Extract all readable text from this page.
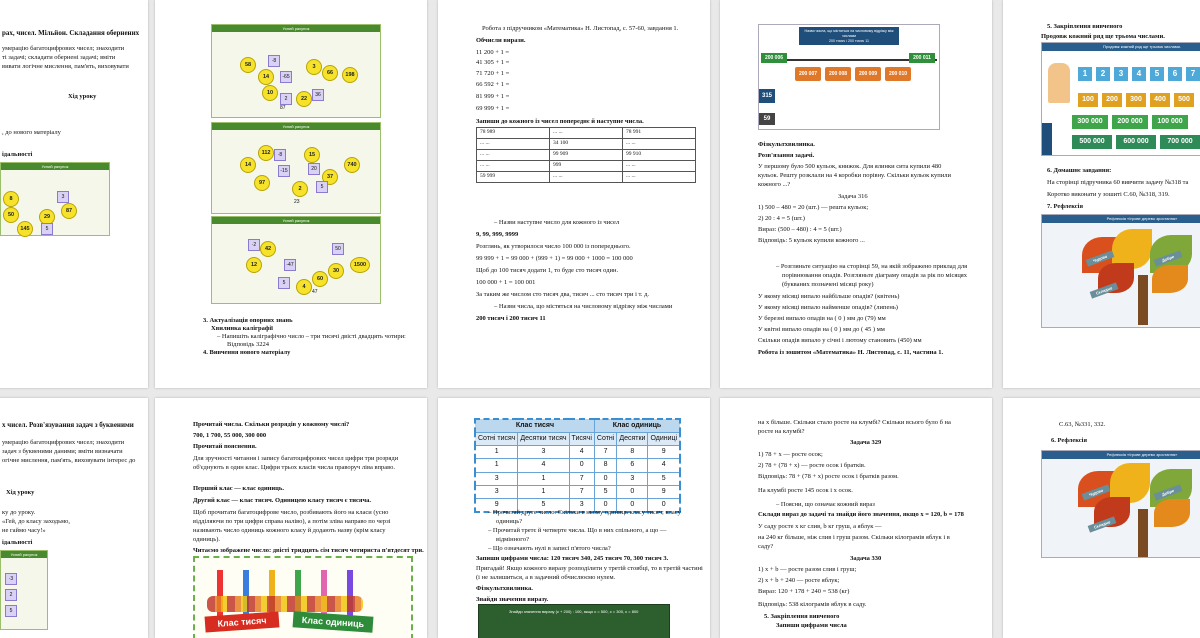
рах, чисел. Мільйон. Складання обернених
умерацію багатоцифрових чисел; знаходити
ті задачі; складати обернені задачі; вміти
вивати логічне мислення, пам'ять, виховувати
Хід уроку
, до нового матеріалу
ідальності
Усний рахунок
8
50	29
87
145
3
5
Усний рахунок
58
14
10
66	198
2	22
36
·8
-65
3
87
Усний рахунок
14
112
97
37
740
·8
-15	20
5
15
2
23
Усний рахунок
12
42
30
1500
-47
·2
5
50
4
60
47
3. Актуалізація опорних знань
Хвилинка каліграфії
– Напишіть каліграфічно число – три тисячі двісті двадцять чотири:
Відповідь 3224
4. Вивчення нового матеріалу
Робота з підручником «Математика» Н. Листопад, с. 57-60, завдання 1.
Обчисли вирази.
11 200 + 1 =
41 305 + 1 =
71 720 + 1 =
66 592 + 1 =
81 999 + 1 =
69 999 + 1 =
Запиши до кожного із чисел попереднє й наступне числа.
78 989	... ...	78 991
... ...	34 100	... ...
... ...	99 909	99 910
... ...	999	... ...
59 999	... ...	... ...
– Назви наступне число для кожного із чисел
9, 99, 999, 9999
Розглянь, як утворилося число 100 000 із попереднього.
99 999 + 1 = 99 000 + (999 + 1) = 99 000 + 1000 = 100 000
Щоб до 100 тисяч додати 1, то буде сто тисяч один.
100 000 + 1 = 100 001
За таким же числом сто тисяч два, тисяч ... сто тисяч три і т. д.
– Назви числа, що містяться на числовому відрізку між числами
200 тисяч і 200 тисяч 11
Назви числа, що містяться на числовому відрізку між числами
200 тисяч і 200 тисяч 11
200 006	200 011
200 007	200 008	200 009	200 010
315
59
Фізкультхвилинка.
Розв'язання задачі.
У першому було 500 кульок, книжок. Для ялинки сита купили 480
кульок. Решту розклали на 4 коробки порівну. Скільки кульок купили
кожного ...?
Задача 316
1) 500 – 480 = 20 (шт.) — решта кульок;
2) 20 : 4 = 5 (шт.)
Вираз: (500 – 480) : 4 = 5 (шт.)
Відповідь: 5 кульок купили кожного ...
– Розгляньте ситуацію на сторінці 59, на якій зображено приклад для
порівнювання опадів. Розгляньте діаграму опадів за рік по місяцях
(букваних позначені місяці року)
У якому місяці випало найбільше опадів? (квітень)
У якому місяці випало найменше опадів? (липень)
У березні випало опадів на ( 0 ) мм до (79) мм
У квітні випало опадів на ( 0 ) мм до ( 45 ) мм
Скільки опадів випало у січні і лютому становить (450) мм
Робота із зошитом «Математика» Н. Листопад, с. 11, частина 1.
5. Закріплення вивченого
Продовж кожний ряд ще трьома числами.
Продовж кожний ряд ще трьома числами.
1	2	3	4	5	6	7
100	200	300	400	500
300 000	200 000	100 000
500 000	600 000	700 000
6. Домашнє завдання:
На сторінці підручника 60 вивчити задачу №318 та
Коротко виконати у зошиті С.60, №318, 319.
7. Рефлексія
Рефлексія «Ігрове дерево зростання»
Чудово	Добре
Складно
х чисел. Розв'язування задач з буквеними
умерацію багатоцифрових чисел; знаходити
задач з буквеними даними; вміти визначати
огічне мислення, пам'ять, виховувати інтерес до
Хід уроку
ку до уроку.
«Гей, до класу заходьмо,
не гаймо часу!»
ідальності
Усний рахунок
·3
2
5
Прочитай числа. Скільки розрядів у кожному числі?
700, 1 700, 55 000, 300 000
Прочитай пояснення.
Для зручності читання і запису багатоцифрових чисел цифри три розряди
об'єднують в один клас. Цифри трьох класів числа праворуч ліва вправо.
Перший клас — клас одиниць.
Другий клас — клас тисяч. Одиницею класу тисяч є тисяча.
Щоб прочитати багатоцифрове число, розбивають його на класи (усно
відділяючи по три цифри справа наліво), а потім зліва направо по черзі
називають число одиниць кожного класу й додають назву (крім класу
одиниць).
Читаємо зображене число: двісті тридцять сім тисяч чотириста п'ятдесят три.
Клас тисяч	Клас одиниць
Клас тисяч			Клас одиниць		
Сотні тисяч	Десятки тисяч	Тисячі	Сотні	Десятки	Одиниці
1	3	4	7	8	9
1	4	0	8	6	4
3	1	7	0	3	5
3	1	7	5	0	9
9	5	3	0	0	0
– Прочитай друге число. Скільки в ньому одиниць класу тисяч; класу
одиниць?
– Прочитай третє й четверте числа. Що в них спільного, а що —
відмінного?
– Що означають нулі в записі п'ятого числа?
Запиши цифрами числа: 120 тисяч 340, 245 тисяч 70, 300 тисяч 3.
Пригадай! Якщо кожного виразу розподілити у третій стовбці, то в третій частині
(і не залишиться, а в задачний обчислюємо нулем.
Фізкультхвилинка.
Знайди значення виразу.
Знайди значення виразу (с + 200) : 100, якщо с = 500, с = 300, с = 800
на х більше. Скільки стало росте на клумбі? Скільки всього було б на
росте на клумбі?
Задача 329
1) 78 + х — росте осок;
2) 78 + (78 + х) — росте осок і братків.
Відповідь: 78 + (78 + х) росте осок і братків разом.
На клумбі росте 145 осок і х осок.
– Поясни, що означає кожний вираз
Склади вираз до задачі та знайди його значення, якщо x = 120, b = 178
У саду росте х кг слив, b кг груш, а яблук —
на 240 кг більше, ніж слив і груш разом. Скільки кілограмів яблук і в
саду?
Задача 330
1) х + b — росте разом слив і груш;
2) х + b + 240 — росте яблук;
Вираз: 120 + 178 + 240 = 538 (кг)
Відповідь: 538 кілограмів яблук в саду.
5. Закріплення вивченого
Запиши цифрами числа
С.63, №331, 332.
6. Рефлексія
Рефлексія «Ігрове дерево зростання»
Чудово	Добре
Складно
